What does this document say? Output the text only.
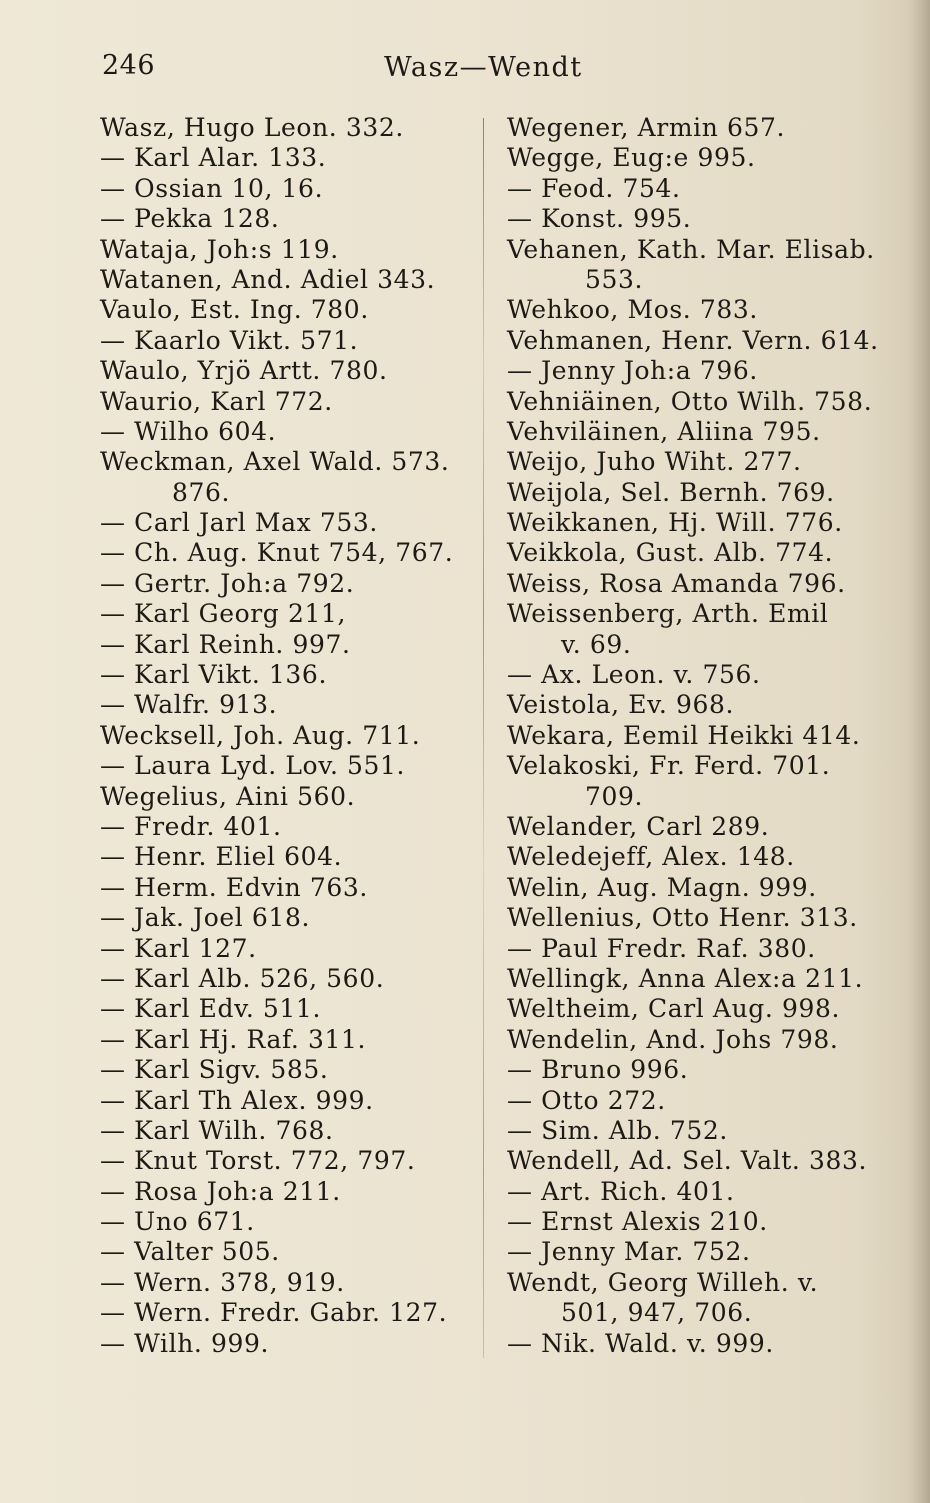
246	Wasz—Wendt
Wasz, Hugo Leon. 332.
— Karl Alar. 133.
— Ossian 10, 16.
— Pekka 128.
Wataja, Joh:s 119.
Watanen, And. Adiel 343.
Vaulo, Est. Ing. 780.
— Kaarlo Vikt. 571.
Waulo, Yrjö Artt. 780.
Waurio, Karl 772.
— Wilho 604.
Weckman, Axel Wald. 573.
876.
— Carl Jarl Max 753.
— Ch. Aug. Knut 754, 767.
— Gertr. Joh:a 792.
— Karl Georg 211,
— Karl Reinh. 997.
— Karl Vikt. 136.
— Walfr. 913.
Wecksell, Joh. Aug. 711.
— Laura Lyd. Lov. 551.
Wegelius, Aini 560.
— Fredr. 401.
— Henr. Eliel 604.
— Herm. Edvin 763.
— Jak. Joel 618.
— Karl 127.
— Karl Alb. 526, 560.
— Karl Edv. 511.
— Karl Hj. Raf. 311.
— Karl Sigv. 585.
— Karl Th Alex. 999.
— Karl Wilh. 768.
— Knut Torst. 772, 797.
— Rosa Joh:a 211.
— Uno 671.
— Valter 505.
— Wern. 378, 919.
— Wern. Fredr. Gabr. 127.
— Wilh. 999.
Wegener, Armin 657.
Wegge, Eug:e 995.
— Feod. 754.
— Konst. 995.
Vehanen, Kath. Mar. Elisab.
553.
Wehkoo, Mos. 783.
Vehmanen, Henr. Vern. 614.
— Jenny Joh:a 796.
Vehniäinen, Otto Wilh. 758.
Vehviläinen, Aliina 795.
Weijo, Juho Wiht. 277.
Weijola, Sel. Bernh. 769.
Weikkanen, Hj. Will. 776.
Veikkola, Gust. Alb. 774.
Weiss, Rosa Amanda 796.
Weissenberg, Arth. Emil
v. 69.
— Ax. Leon. v. 756.
Veistola, Ev. 968.
Wekara, Eemil Heikki 414.
Velakoski, Fr. Ferd. 701.
709.
Welander, Carl 289.
Weledejeff, Alex. 148.
Welin, Aug. Magn. 999.
Wellenius, Otto Henr. 313.
— Paul Fredr. Raf. 380.
Wellingk, Anna Alex:a 211.
Weltheim, Carl Aug. 998.
Wendelin, And. Johs 798.
— Bruno 996.
— Otto 272.
— Sim. Alb. 752.
Wendell, Ad. Sel. Valt. 383.
— Art. Rich. 401.
— Ernst Alexis 210.
— Jenny Mar. 752.
Wendt, Georg Willeh. v.
501, 947, 706.
— Nik. Wald. v. 999.
